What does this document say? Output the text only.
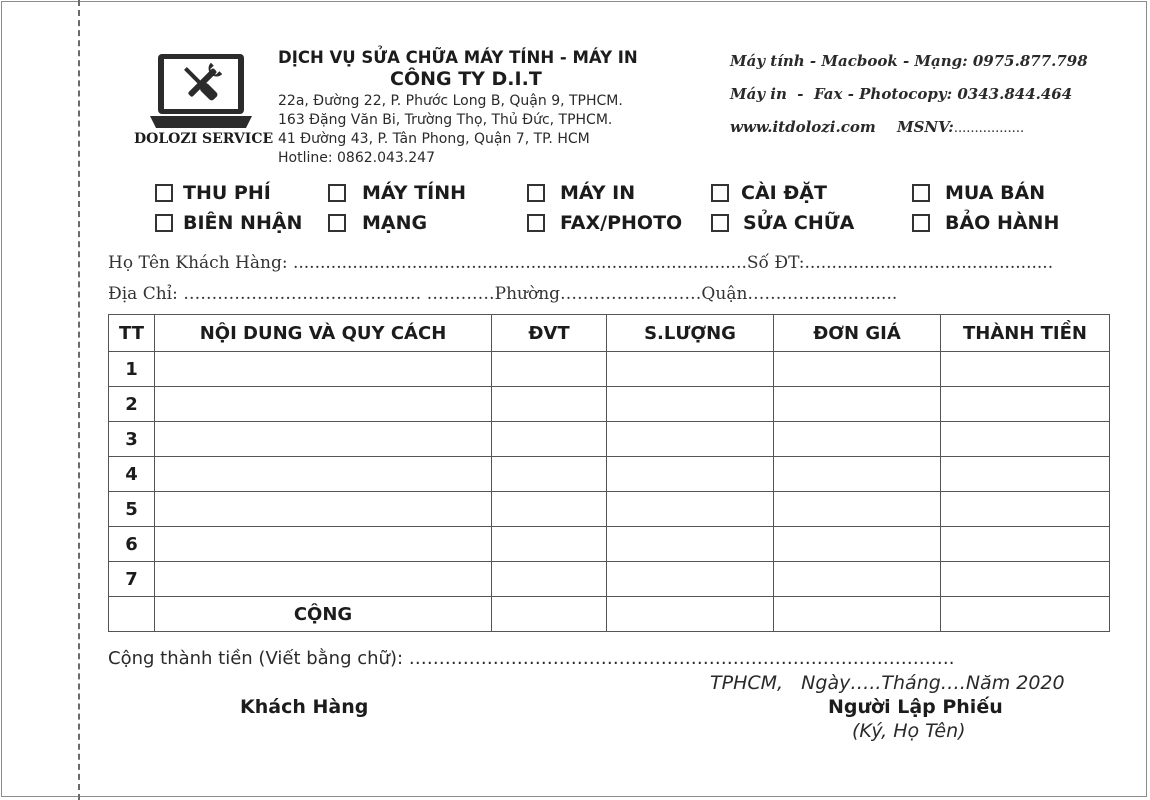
DOLOZI SERVICE
DỊCH VỤ SỬA CHỮA MÁY TÍNH - MÁY IN
CÔNG TY D.I.T
22a, Đường 22, P. Phước Long B, Quận 9, TPHCM.
163 Đặng Văn Bi, Trường Thọ, Thủ Đức, TPHCM.
41 Đường 43, P. Tân Phong, Quận 7, TP. HCM
Hotline: 0862.043.247
Máy tính - Macbook - Mạng: 0975.877.798
Máy in  -  Fax - Photocopy: 0343.844.464
www.itdolozi.com MSNV:.................
THU PHÍ	MÁY TÍNH	MÁY IN	CÀI ĐẶT	MUA BÁN
BIÊN NHẬN	MẠNG	FAX/PHOTO	SỬA CHỮA	BẢO HÀNH
Họ Tên Khách Hàng: ....................................................................................Số ĐT:..............................................
Địa Chỉ: …………………………………… …………Phường……………….……Quận………….......….....
TT	NỘI DUNG VÀ QUY CÁCH	ĐVT	S.LƯỢNG	ĐƠN GIÁ	THÀNH TIỀN
1					
2					
3					
4					
5					
6					
7					
	CỘNG				
Cộng thành tiền (Viết bằng chữ): ……………………………………………………………………………….
TPHCM,   Ngày…..Tháng….Năm 2020
Khách Hàng	Người Lập Phiếu
(Ký, Họ Tên)
